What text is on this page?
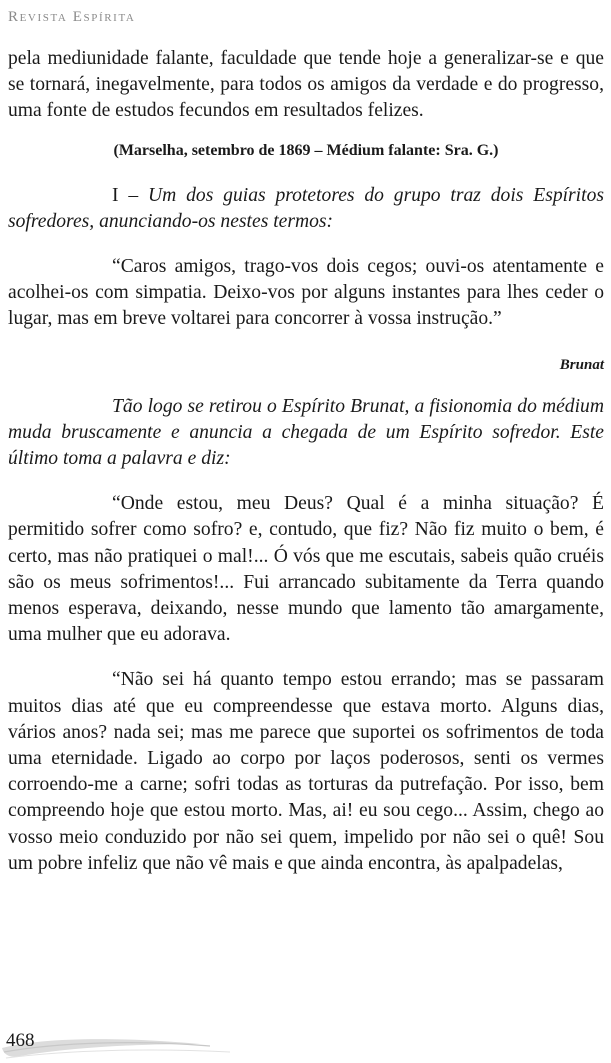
Revista Espírita

pela mediunidade falante, faculdade que tende hoje a generalizar-se e que se tornará, inegavelmente, para todos os amigos da verdade e do progresso, uma fonte de estudos fecundos em resultados felizes.

(Marselha, setembro de 1869 – Médium falante: Sra. G.)

I – Um dos guias protetores do grupo traz dois Espíritos sofredores, anunciando-os nestes termos:

“Caros amigos, trago-vos dois cegos; ouvi-os atentamente e acolhei-os com simpatia. Deixo-vos por alguns instantes para lhes ceder o lugar, mas em breve voltarei para concorrer à vossa instrução.”

Brunat

Tão logo se retirou o Espírito Brunat, a fisionomia do médium muda bruscamente e anuncia a chegada de um Espírito sofredor. Este último toma a palavra e diz:

“Onde estou, meu Deus? Qual é a minha situação? É permitido sofrer como sofro? e, contudo, que fiz? Não fiz muito o bem, é certo, mas não pratiquei o mal!... Ó vós que me escutais, sabeis quão cruéis são os meus sofrimentos!... Fui arrancado subitamente da Terra quando menos esperava, deixando, nesse mundo que lamento tão amargamente, uma mulher que eu adorava.

“Não sei há quanto tempo estou errando; mas se passaram muitos dias até que eu compreendesse que estava morto. Alguns dias, vários anos? nada sei; mas me parece que suportei os sofrimentos de toda uma eternidade. Ligado ao corpo por laços poderosos, senti os vermes corroendo-me a carne; sofri todas as torturas da putrefação. Por isso, bem compreendo hoje que estou morto. Mas, ai! eu sou cego... Assim, chego ao vosso meio conduzido por não sei quem, impelido por não sei o quê! Sou um pobre infeliz que não vê mais e que ainda encontra, às apalpadelas,

468
